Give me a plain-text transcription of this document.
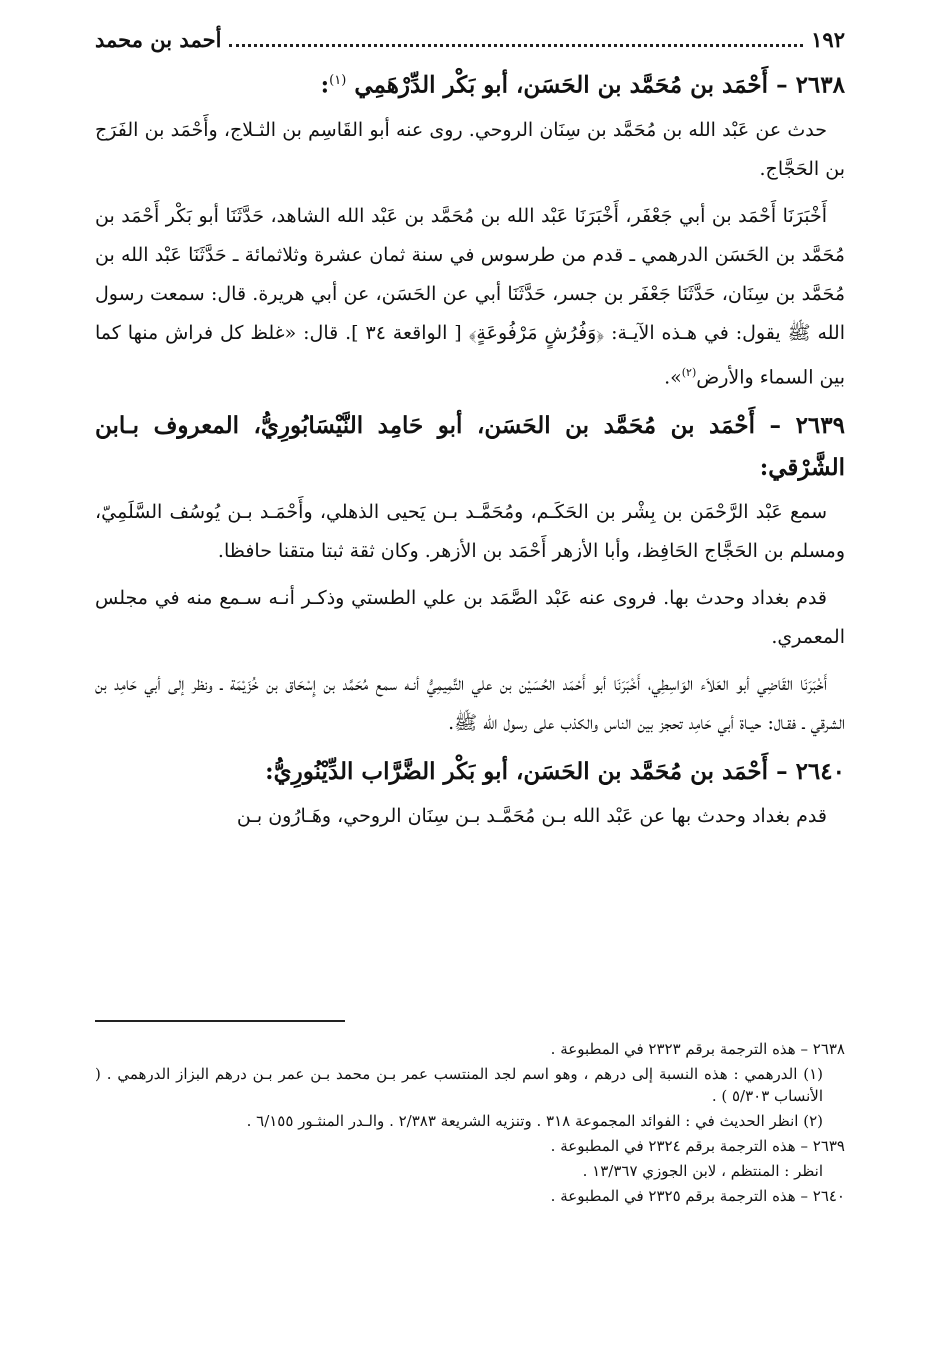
١٩٢
أحمد بن محمد

٢٦٣٨ – أَحْمَد بن مُحَمَّد بن الحَسَن، أبو بَكْر الدِّرْهَمِي $^{(١)}$:

حدث عن عَبْد الله بن مُحَمَّد بن سِنَان الروحي. روى عنه أبو القَاسِم بن الثـلاج، وأَحْمَد بن الفَرَج بن الحَجَّاج.

أَخْبَرَنَا أَحْمَد بن أبي جَعْفَر، أَخْبَرَنَا عَبْد الله بن مُحَمَّد بن عَبْد الله الشاهد، حَدَّثَنَا أبو بَكْر أَحْمَد بن مُحَمَّد بن الحَسَن الدرهمي ـ قدم من طرسوس في سنة ثمان عشرة وثلاثمائة ـ حَدَّثَنَا عَبْد الله بن مُحَمَّد بن سِنَان، حَدَّثَنَا جَعْفَر بن جسر، حَدَّثَنَا أبي عن الحَسَن، عن أبي هريرة. قال: سمعت رسول الله ﷺ يقول: في هـذه الآيـة: ﴿وَفُرُشٍ مَرْفُوعَةٍ﴾ [ الواقعة ٣٤ ]. قال: «غلظ كل فراش منها كما بين السماء والأرض$^{(٢)}$».

٢٦٣٩ – أَحْمَد بن مُحَمَّد بن الحَسَن، أبو حَامِد النَّيْسَابُورِيُّ، المعروف بـابن الشَّرْقي:

سمع عَبْد الرَّحْمَن بن بِشْر بن الحَكَـم، ومُحَمَّـد بـن يَحيى الذهلي، وأَحْمَـد بـن يُوسُف السَّلَمِيّ، ومسلم بن الحَجَّاج الحَافِظ، وأبا الأزهر أَحْمَد بن الأزهر. وكان ثقة ثبتا متقنا حافظا.

قدم بغداد وحدث بها. فروى عنه عَبْد الصَّمَد بن علي الطستي وذكـر أنـه سـمع منه في مجلس المعمري.

أَخْبَرَنَا القَاضِي أبو العَلاَء الوَاسِطِي، أَخْبَرَنَا أبو أَحْمَد الحُسَيْن بن علي التَّمِيمِيُّ أنـه سمع مُحَمَّد بن إِسْحَاق بن خُزَيْمَة ـ ونظر إلى أبي حَامِد بن الشرقي ـ فقـال: حيـاة أبي حَامِد تحجز بين الناس والكذب على رسول الله ﷺ.

٢٦٤٠ – أَحْمَد بن مُحَمَّد بن الحَسَن، أبو بَكْر الضَّرَّاب الدِّيْنُورِيُّ:

قدم بغداد وحدث بها عن عَبْد الله بـن مُحَمَّـد بـن سِنَان الروحي، وهَـارُون بـن

٢٦٣٨ – هذه الترجمة برقم ٢٣٢٣ في المطبوعة .

(١) الدرهمي : هذه النسبة إلى درهم ، وهو اسم لجد المنتسب عمر بـن محمد بـن عمر بـن درهم البزاز الدرهمي . ( الأنساب ٥/٣٠٣ ) .

(٢) انظر الحديث في : الفوائد المجموعة ٣١٨ . وتنزيه الشريعة ٢/٣٨٣ . والـدر المنثـور ٦/١٥٥ .

٢٦٣٩ – هذه الترجمة برقم ٢٣٢٤ في المطبوعة .

انظر : المنتظم ، لابن الجوزي ١٣/٣٦٧ .

٢٦٤٠ – هذه الترجمة برقم ٢٣٢٥ في المطبوعة .
